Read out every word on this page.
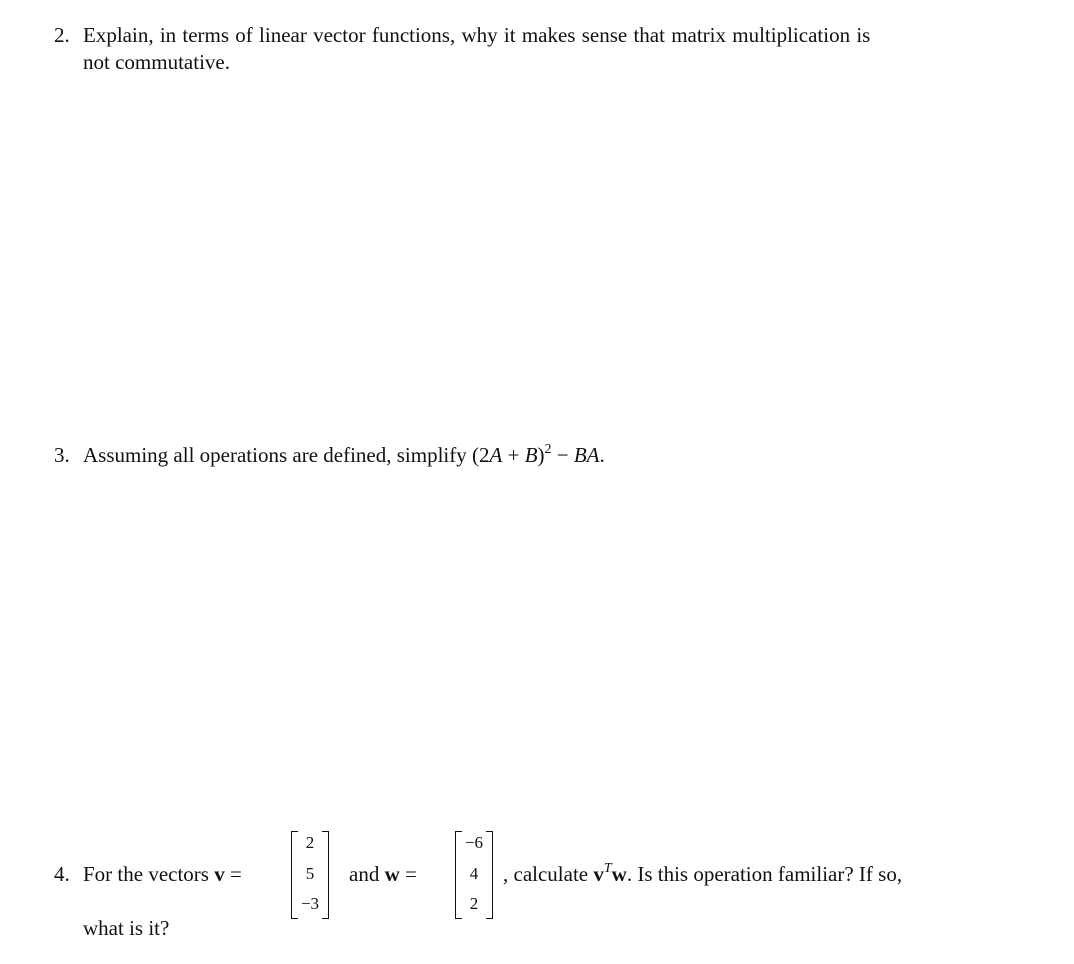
2. Explain, in terms of linear vector functions, why it makes sense that matrix multiplication is
not commutative.
3. Assuming all operations are defined, simplify $(2A + B)^2$ − BA.
4. For the vectors v =
2
5
−3
and w =
−6
4
2
, calculate $v^Tw$. Is this operation familiar? If so,
what is it?
